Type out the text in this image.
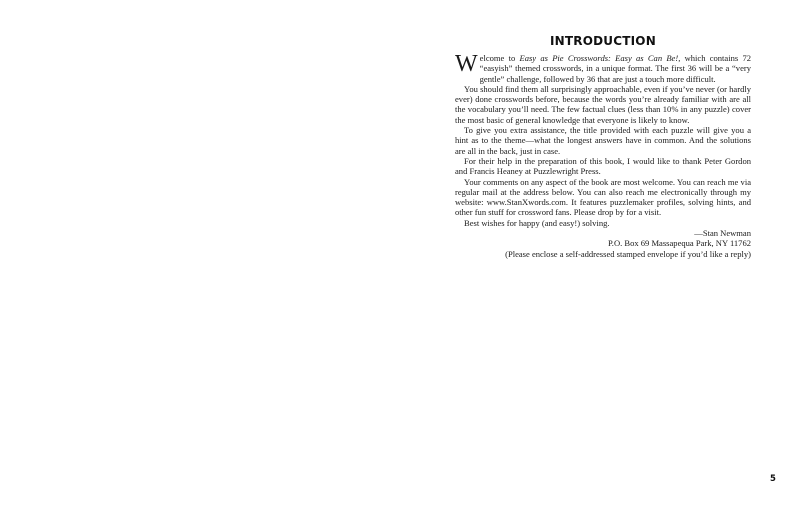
INTRODUCTION

Welcome to Easy as Pie Crosswords: Easy as Can Be!, which contains 72 “easyish” themed crosswords, in a unique format. The first 36 will be a “very gentle” challenge, followed by 36 that are just a touch more difficult.

You should find them all surprisingly approachable, even if you’ve never (or hardly ever) done crosswords before, because the words you’re already familiar with are all the vocabulary you’ll need. The few factual clues (less than 10% in any puzzle) cover the most basic of general knowledge that everyone is likely to know.

To give you extra assistance, the title provided with each puzzle will give you a hint as to the theme—what the longest answers have in common. And the solutions are all in the back, just in case.

For their help in the preparation of this book, I would like to thank Peter Gordon and Francis Heaney at Puzzlewright Press.

Your comments on any aspect of the book are most welcome. You can reach me via regular mail at the address below. You can also reach me electronically through my website: www.StanXwords.com. It features puzzlemaker profiles, solving hints, and other fun stuff for crossword fans. Please drop by for a visit.

Best wishes for happy (and easy!) solving.

—Stan Newman

P.O. Box 69 Massapequa Park, NY 11762

(Please enclose a self-addressed stamped envelope if you’d like a reply)

5
